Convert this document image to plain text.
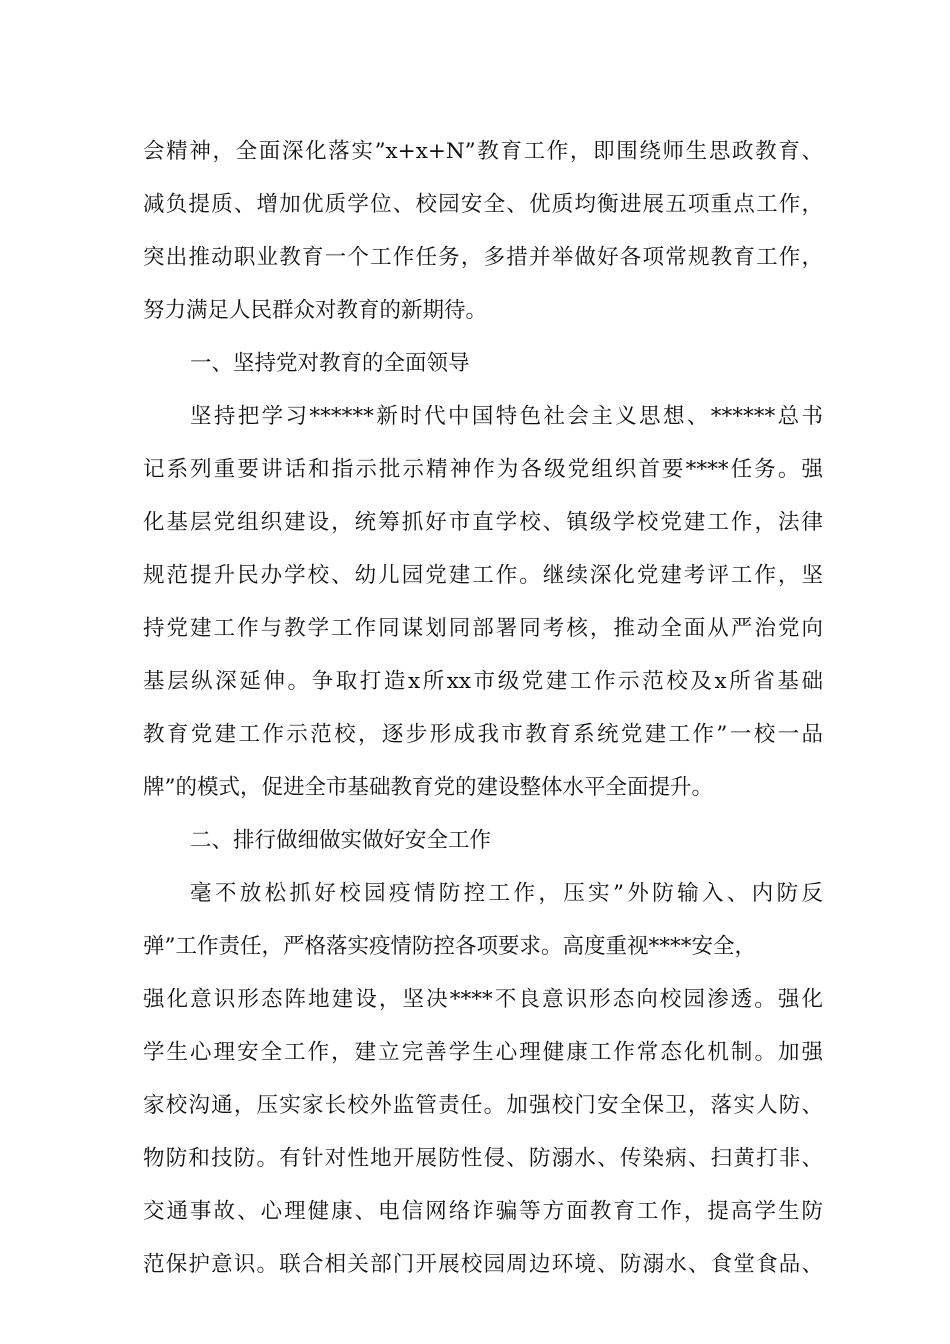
会精神，全面深化落实”x+x+N”教育工作，即围绕师生思政教育、
减负提质、增加优质学位、校园安全、优质均衡进展五项重点工作，
突出推动职业教育一个工作任务，多措并举做好各项常规教育工作，
努力满足人民群众对教育的新期待。
一、坚持党对教育的全面领导
坚持把学习******新时代中国特色社会主义思想、******总书
记系列重要讲话和指示批示精神作为各级党组织首要****任务。强
化基层党组织建设，统筹抓好市直学校、镇级学校党建工作，法律
规范提升民办学校、幼儿园党建工作。继续深化党建考评工作，坚
持党建工作与教学工作同谋划同部署同考核，推动全面从严治党向
基层纵深延伸。争取打造x所xx市级党建工作示范校及x所省基础
教育党建工作示范校，逐步形成我市教育系统党建工作”一校一品
牌”的模式，促进全市基础教育党的建设整体水平全面提升。
二、排行做细做实做好安全工作
毫不放松抓好校园疫情防控工作，压实”外防输入、内防反
弹”工作责任，严格落实疫情防控各项要求。高度重视****安全，
强化意识形态阵地建设，坚决****不良意识形态向校园渗透。强化
学生心理安全工作，建立完善学生心理健康工作常态化机制。加强
家校沟通，压实家长校外监管责任。加强校门安全保卫，落实人防、
物防和技防。有针对性地开展防性侵、防溺水、传染病、扫黄打非、
交通事故、心理健康、电信网络诈骗等方面教育工作，提高学生防
范保护意识。联合相关部门开展校园周边环境、防溺水、食堂食品、
